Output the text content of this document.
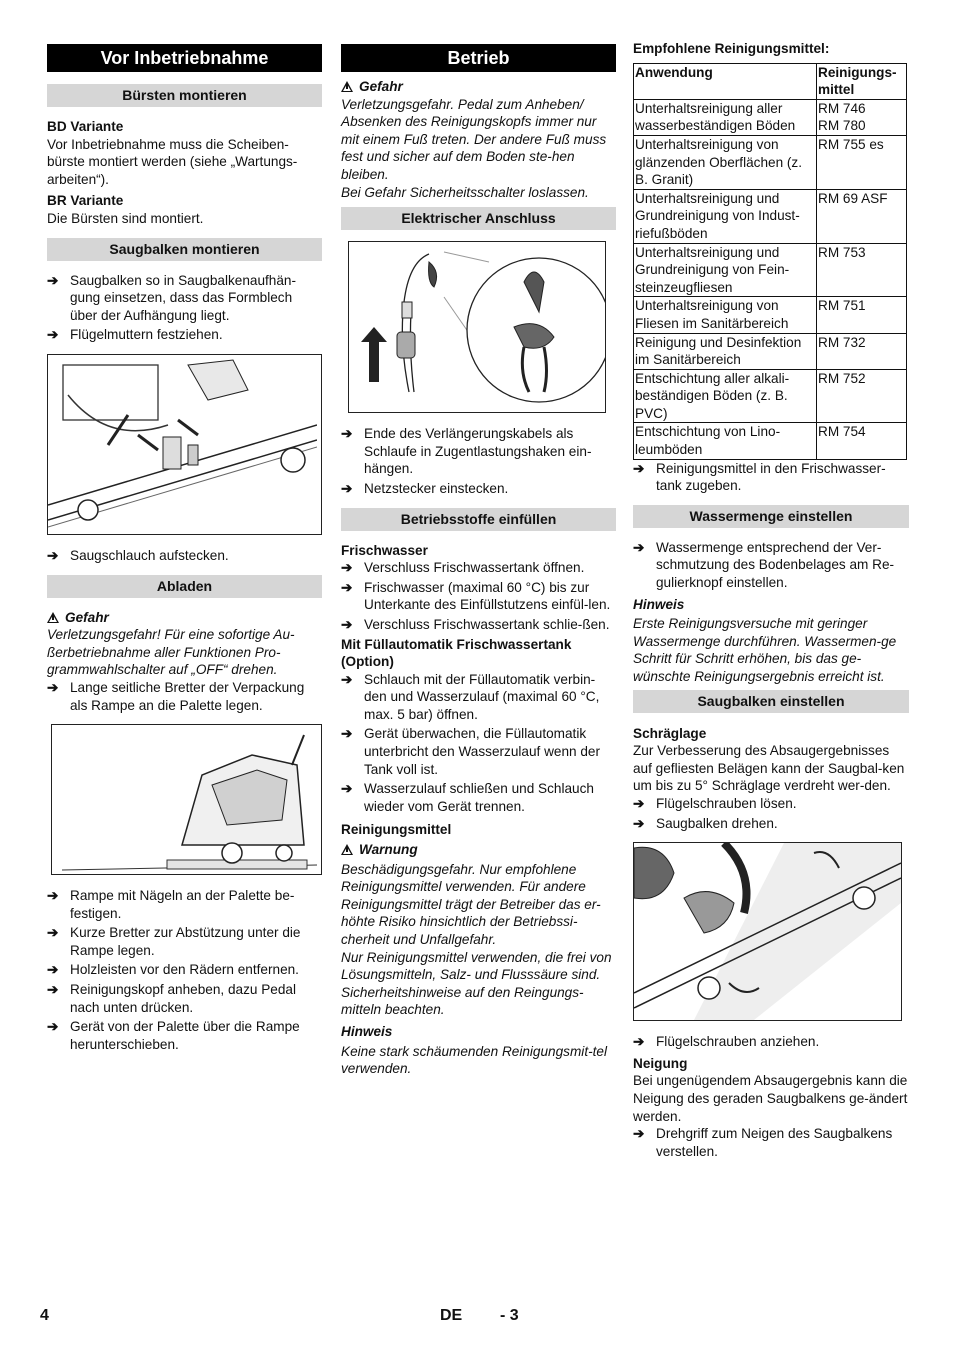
Vor Inbetriebnahme
Bürsten montieren

BD Variante

Vor Inbetriebnahme muss die Scheiben-bürste montiert werden (siehe „Wartungs-arbeiten“).

BR Variante

Die Bürsten sind montiert.

Saugbalken montieren
➔ Saugbalken so in Saugbalkenaufhän-gung einsetzen, dass das Formblech über der Aufhängung liegt.
➔ Flügelmuttern festziehen.
➔ Saugschlauch aufstecken.
Abladen
Gefahr

Verletzungsgefahr! Für eine sofortige Au-ßerbetriebnahme aller Funktionen Pro-grammwahlschalter auf „OFF“ drehen.

➔ Lange seitliche Bretter der Verpackung als Rampe an die Palette legen.
➔ Rampe mit Nägeln an der Palette be-festigen.
➔ Kurze Bretter zur Abstützung unter die Rampe legen.
➔ Holzleisten vor den Rädern entfernen.
➔ Reinigungskopf anheben, dazu Pedal nach unten drücken.
➔ Gerät von der Palette über die Rampe herunterschieben.
Betrieb
Gefahr

Verletzungsgefahr. Pedal zum Anheben/ Absenken des Reinigungskopfs immer nur mit einem Fuß treten. Der andere Fuß muss fest und sicher auf dem Boden ste-hen bleiben.

Bei Gefahr Sicherheitsschalter loslassen.

Elektrischer Anschluss
➔ Ende des Verlängerungskabels als Schlaufe in Zugentlastungshaken ein-hängen.
➔ Netzstecker einstecken.
Betriebsstoffe einfüllen

Frischwasser

➔ Verschluss Frischwassertank öffnen.
➔ Frischwasser (maximal 60 °C) bis zur Unterkante des Einfüllstutzens einfül-len.
➔ Verschluss Frischwassertank schlie-ßen.

Mit Füllautomatik Frischwassertank (Option)

➔ Schlauch mit der Füllautomatik verbin-den und Wasserzulauf (maximal 60 °C, max. 5 bar) öffnen.
➔ Gerät überwachen, die Füllautomatik unterbricht den Wasserzulauf wenn der Tank voll ist.
➔ Wasserzulauf schließen und Schlauch wieder vom Gerät trennen.

Reinigungsmittel

Warnung

Beschädigungsgefahr. Nur empfohlene Reinigungsmittel verwenden. Für andere Reinigungsmittel trägt der Betreiber das er-höhte Risiko hinsichtlich der Betriebssi-cherheit und Unfallgefahr.

Nur Reinigungsmittel verwenden, die frei von Lösungsmitteln, Salz- und Flusssäure sind.

Sicherheitshinweise auf den Reingungs-mitteln beachten.

Hinweis

Keine stark schäumenden Reinigungsmit-tel verwenden.

Empfohlene Reinigungsmittel:

Anwendung	Reinigungs-mittel
Unterhaltsreinigung aller wasserbeständigen Böden	RM 746
RM 780
Unterhaltsreinigung von glänzenden Oberflächen (z. B. Granit)	RM 755 es
Unterhaltsreinigung und Grundreinigung von Indust-riefußböden	RM 69 ASF
Unterhaltsreinigung und Grundreinigung von Fein-steinzeugfliesen	RM 753
Unterhaltsreinigung von Fliesen im Sanitärbereich	RM 751
Reinigung und Desinfektion im Sanitärbereich	RM 732
Entschichtung aller alkali-beständigen Böden (z. B. PVC)	RM 752
Entschichtung von Lino-leumböden	RM 754
➔ Reinigungsmittel in den Frischwasser-tank zugeben.
Wassermenge einstellen
➔ Wassermenge entsprechend der Ver-schmutzung des Bodenbelages am Re-gulierknopf einstellen.

Hinweis

Erste Reinigungsversuche mit geringer Wassermenge durchführen. Wassermen-ge Schritt für Schritt erhöhen, bis das ge-wünschte Reinigungsergebnis erreicht ist.

Saugbalken einstellen

Schräglage

Zur Verbesserung des Absaugergebnisses auf gefliesten Belägen kann der Saugbal-ken um bis zu 5° Schräglage verdreht wer-den.

➔ Flügelschrauben lösen.
➔ Saugbalken drehen.
➔ Flügelschrauben anziehen.

Neigung

Bei ungenügendem Absaugergebnis kann die Neigung des geraden Saugbalkens ge-ändert werden.

➔ Drehgriff zum Neigen des Saugbalkens verstellen.
4	DE - 3
